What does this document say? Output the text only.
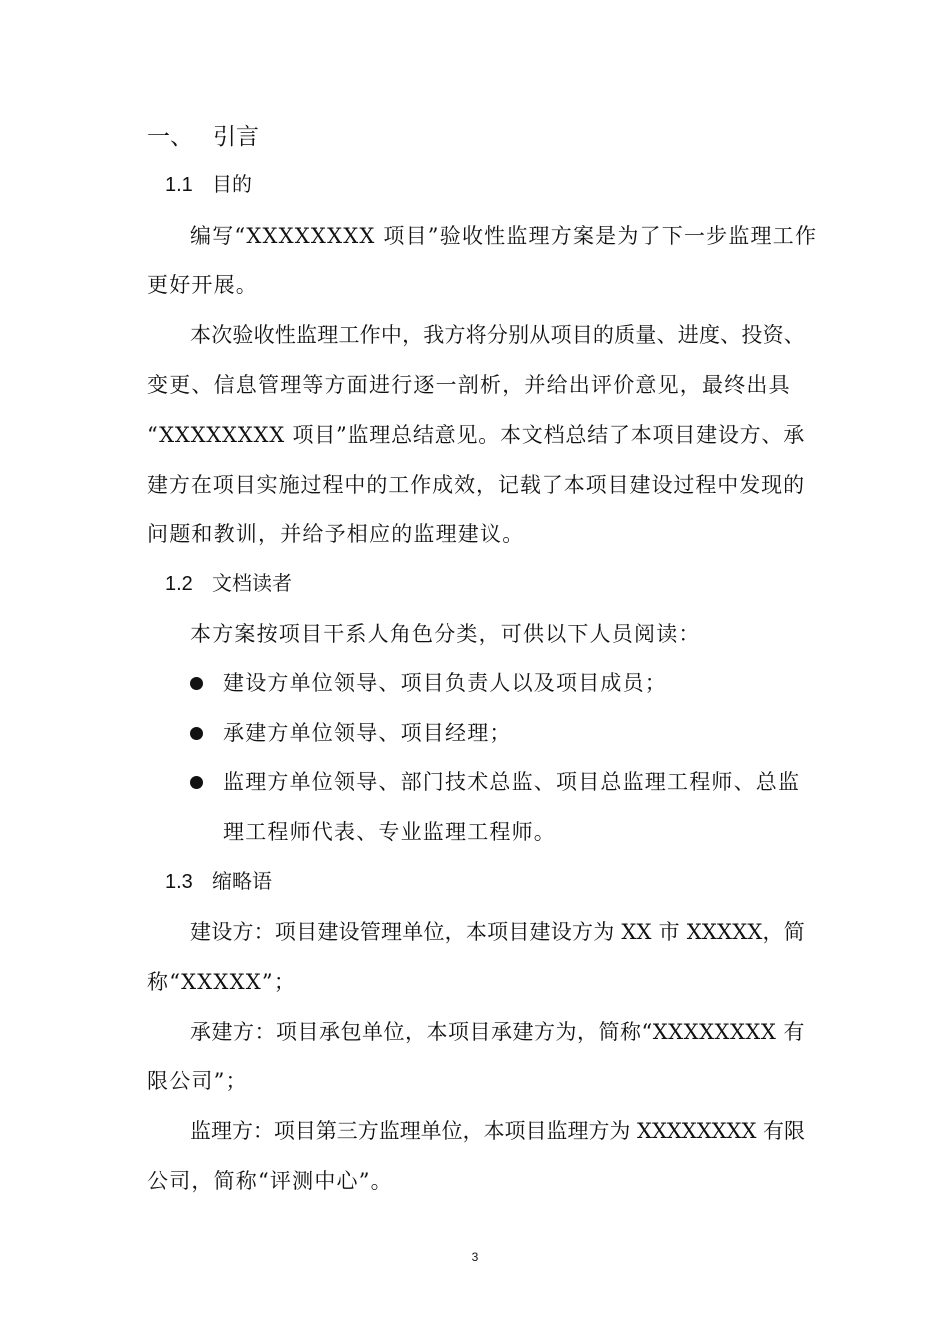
一、 引言
1.1 目的
编写“XXXXXXXX 项目”验收性监理方案是为了下一步监理工作
更好开展。
本次验收性监理工作中，我方将分别从项目的质量、进度、投资、
变更、信息管理等方面进行逐一剖析，并给出评价意见，最终出具
“XXXXXXXX 项目”监理总结意见。本文档总结了本项目建设方、承
建方在项目实施过程中的工作成效，记载了本项目建设过程中发现的
问题和教训，并给予相应的监理建议。
1.2 文档读者
本方案按项目干系人角色分类，可供以下人员阅读：
建设方单位领导、项目负责人以及项目成员；
承建方单位领导、项目经理；
监理方单位领导、部门技术总监、项目总监理工程师、总监
理工程师代表、专业监理工程师。
1.3 缩略语
建设方：项目建设管理单位，本项目建设方为 XX 市 XXXXX，简
称“XXXXX”；
承建方：项目承包单位，本项目承建方为，简称“XXXXXXXX 有
限公司”；
监理方：项目第三方监理单位，本项目监理方为 XXXXXXXX 有限
公司，简称“评测中心”。
3
